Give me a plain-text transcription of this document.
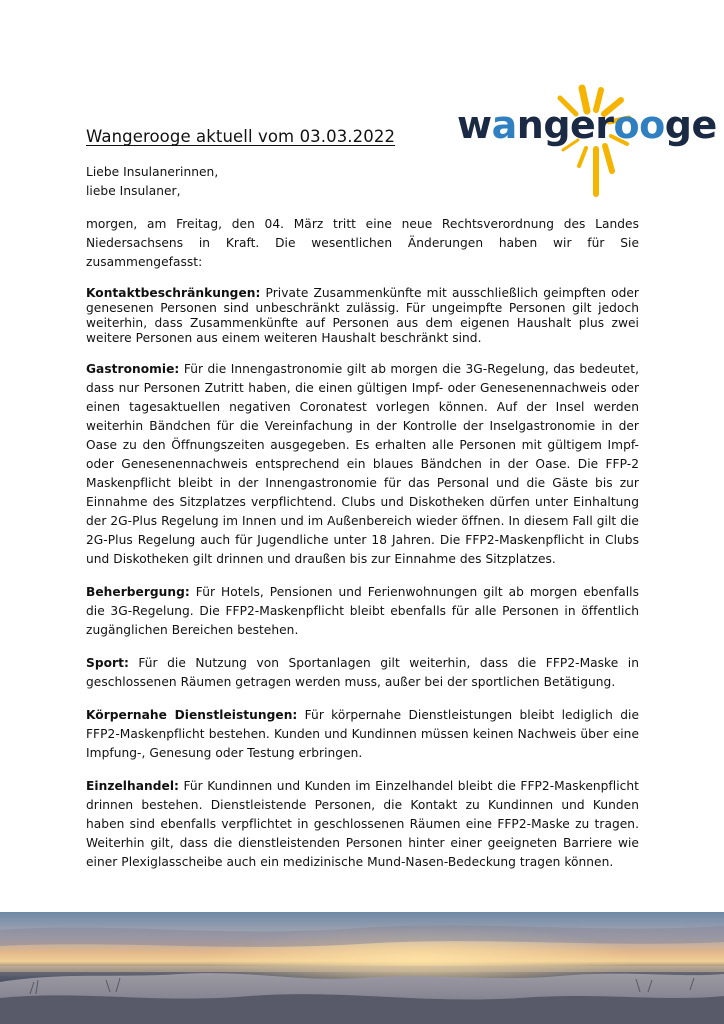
Wangerooge aktuell vom 03.03.2022 wangerooge

Liebe Insulanerinnen,
liebe Insulaner,

morgen, am Freitag, den 04. März tritt eine neue Rechtsverordnung des Landes Niedersachsens in Kraft. Die wesentlichen Änderungen haben wir für Sie zusammengefasst:

Kontaktbeschränkungen: Private Zusammenkünfte mit ausschließlich geimpften oder genesenen Personen sind unbeschränkt zulässig. Für ungeimpfte Personen gilt jedoch weiterhin, dass Zusammenkünfte auf Personen aus dem eigenen Haushalt plus zwei weitere Personen aus einem weiteren Haushalt beschränkt sind.

Gastronomie: Für die Innengastronomie gilt ab morgen die 3G-Regelung, das bedeutet, dass nur Personen Zutritt haben, die einen gültigen Impf- oder Genesenennachweis oder einen tagesaktuellen negativen Coronatest vorlegen können. Auf der Insel werden weiterhin Bändchen für die Vereinfachung in der Kontrolle der Inselgastronomie in der Oase zu den Öffnungszeiten ausgegeben. Es erhalten alle Personen mit gültigem Impf- oder Genesenennachweis entsprechend ein blaues Bändchen in der Oase. Die FFP-2 Maskenpflicht bleibt in der Innengastronomie für das Personal und die Gäste bis zur Einnahme des Sitzplatzes verpflichtend. Clubs und Diskotheken dürfen unter Einhaltung der 2G-Plus Regelung im Innen und im Außenbereich wieder öffnen. In diesem Fall gilt die 2G-Plus Regelung auch für Jugendliche unter 18 Jahren. Die FFP2-Maskenpflicht in Clubs und Diskotheken gilt drinnen und draußen bis zur Einnahme des Sitzplatzes.

Beherbergung: Für Hotels, Pensionen und Ferienwohnungen gilt ab morgen ebenfalls die 3G-Regelung. Die FFP2-Maskenpflicht bleibt ebenfalls für alle Personen in öffentlich zugänglichen Bereichen bestehen.

Sport: Für die Nutzung von Sportanlagen gilt weiterhin, dass die FFP2-Maske in geschlossenen Räumen getragen werden muss, außer bei der sportlichen Betätigung.

Körpernahe Dienstleistungen: Für körpernahe Dienstleistungen bleibt lediglich die FFP2-Maskenpflicht bestehen. Kunden und Kundinnen müssen keinen Nachweis über eine Impfung-, Genesung oder Testung erbringen.

Einzelhandel: Für Kundinnen und Kunden im Einzelhandel bleibt die FFP2-Maskenpflicht drinnen bestehen. Dienstleistende Personen, die Kontakt zu Kundinnen und Kunden haben sind ebenfalls verpflichtet in geschlossenen Räumen eine FFP2-Maske zu tragen. Weiterhin gilt, dass die dienstleistenden Personen hinter einer geeigneten Barriere wie einer Plexiglasscheibe auch ein medizinische Mund-Nasen-Bedeckung tragen können.
